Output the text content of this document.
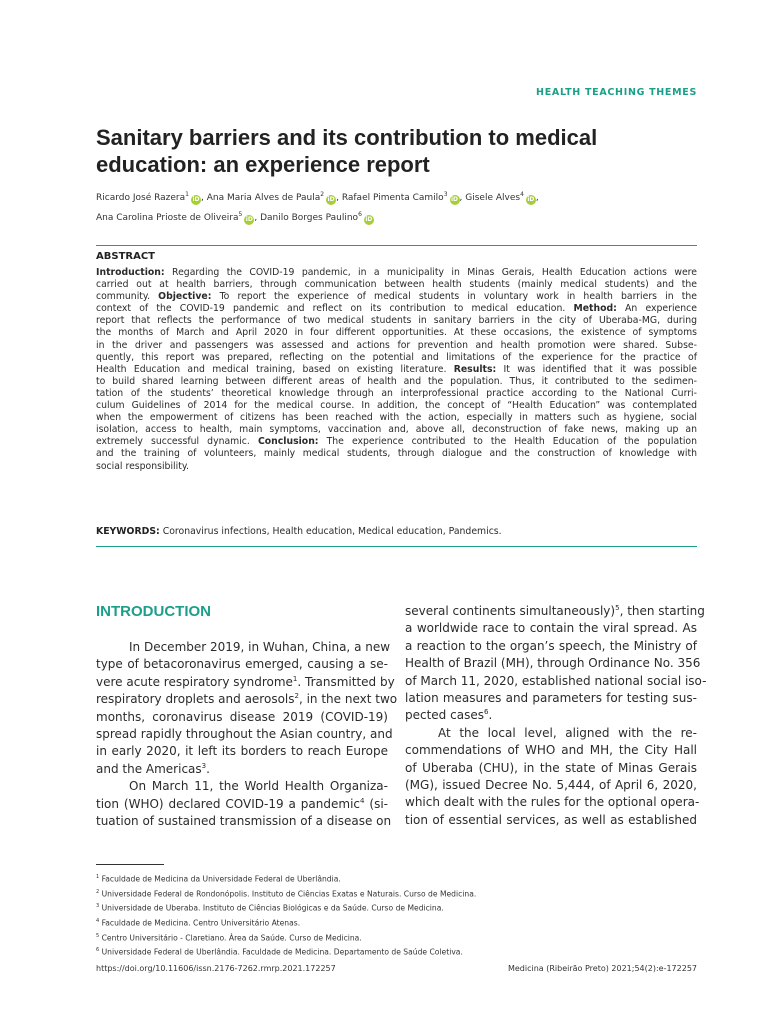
HEALTH TEACHING THEMES
Sanitary barriers and its contribution to medical
education: an experience report
Ricardo José Razera$^1$iD, Ana Maria Alves de Paula$^2$iD, Rafael Pimenta Camilo$^3$iD, Gisele Alves$^4$iD,
Ana Carolina Prioste de Oliveira$^5$iD, Danilo Borges Paulino$^6$iD
ABSTRACT
Introduction: Regarding the COVID-19 pandemic, in a municipality in Minas Gerais, Health Education actions were
carried out at health barriers, through communication between health students (mainly medical students) and the
community. Objective: To report the experience of medical students in voluntary work in health barriers in the
context of the COVID-19 pandemic and reflect on its contribution to medical education. Method: An experience
report that reflects the performance of two medical students in sanitary barriers in the city of Uberaba-MG, during
the months of March and April 2020 in four different opportunities. At these occasions, the existence of symptoms
in the driver and passengers was assessed and actions for prevention and health promotion were shared. Subse-
quently, this report was prepared, reflecting on the potential and limitations of the experience for the practice of
Health Education and medical training, based on existing literature. Results: It was identified that it was possible
to build shared learning between different areas of health and the population. Thus, it contributed to the sedimen-
tation of the students’ theoretical knowledge through an interprofessional practice according to the National Curri-
culum Guidelines of 2014 for the medical course. In addition, the concept of “Health Education” was contemplated
when the empowerment of citizens has been reached with the action, especially in matters such as hygiene, social
isolation, access to health, main symptoms, vaccination and, above all, deconstruction of fake news, making up an
extremely successful dynamic. Conclusion: The experience contributed to the Health Education of the population
and the training of volunteers, mainly medical students, through dialogue and the construction of knowledge with
social responsibility.
KEYWORDS: Coronavirus infections, Health education, Medical education, Pandemics.
INTRODUCTION
In December 2019, in Wuhan, China, a new
type of betacoronavirus emerged, causing a se-
vere acute respiratory syndrome$^1$. Transmitted by
respiratory droplets and aerosols$^2$, in the next two
months, coronavirus disease 2019 (COVID-19)
spread rapidly throughout the Asian country, and
in early 2020, it left its borders to reach Europe
and the Americas$^3$.
On March 11, the World Health Organiza-
tion (WHO) declared COVID-19 a pandemic$^4$ (si-
tuation of sustained transmission of a disease on
several continents simultaneously)$^5$, then starting
a worldwide race to contain the viral spread. As
a reaction to the organ’s speech, the Ministry of
Health of Brazil (MH), through Ordinance No. 356
of March 11, 2020, established national social iso-
lation measures and parameters for testing sus-
pected cases$^6$.
At the local level, aligned with the re-
commendations of WHO and MH, the City Hall
of Uberaba (CHU), in the state of Minas Gerais
(MG), issued Decree No. 5,444, of April 6, 2020,
which dealt with the rules for the optional opera-
tion of essential services, as well as established
$^1$ Faculdade de Medicina da Universidade Federal de Uberlândia.
$^2$ Universidade Federal de Rondonópolis. Instituto de Ciências Exatas e Naturais. Curso de Medicina.
$^3$ Universidade de Uberaba. Instituto de Ciências Biológicas e da Saúde. Curso de Medicina.
$^4$ Faculdade de Medicina. Centro Universitário Atenas.
$^5$ Centro Universitário - Claretiano. Área da Saúde. Curso de Medicina.
$^6$ Universidade Federal de Uberlândia. Faculdade de Medicina. Departamento de Saúde Coletiva.
https://doi.org/10.11606/issn.2176-7262.rmrp.2021.172257	Medicina (Ribeirão Preto) 2021;54(2):e-172257
